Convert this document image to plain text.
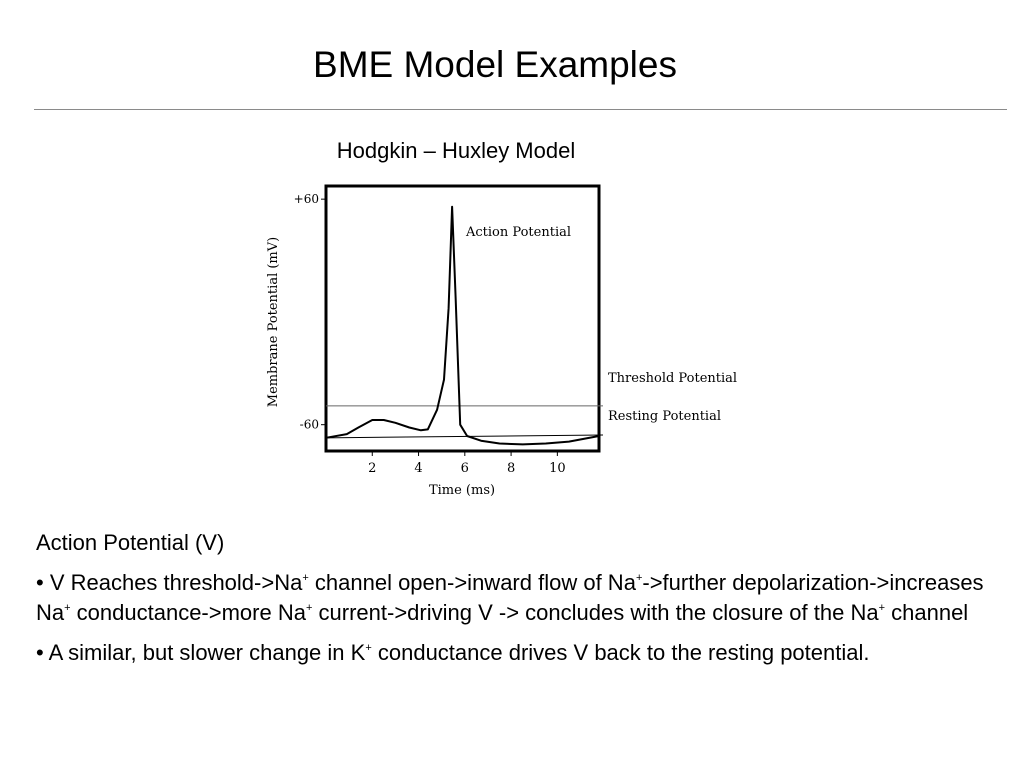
BME Model Examples
Hodgkin – Huxley Model
2	4	6	8	10
+60
-60
Time (ms)
Membrane Potential (mV)
Action Potential
Threshold Potential
Resting Potential

Action Potential (V)

• V Reaches threshold->Na+ channel open->inward flow of Na+->further depolarization->increases Na+ conductance->more Na+ current->driving V -> concludes with the closure of the Na+ channel

• A similar, but slower change in K+ conductance drives V back to the resting potential.
